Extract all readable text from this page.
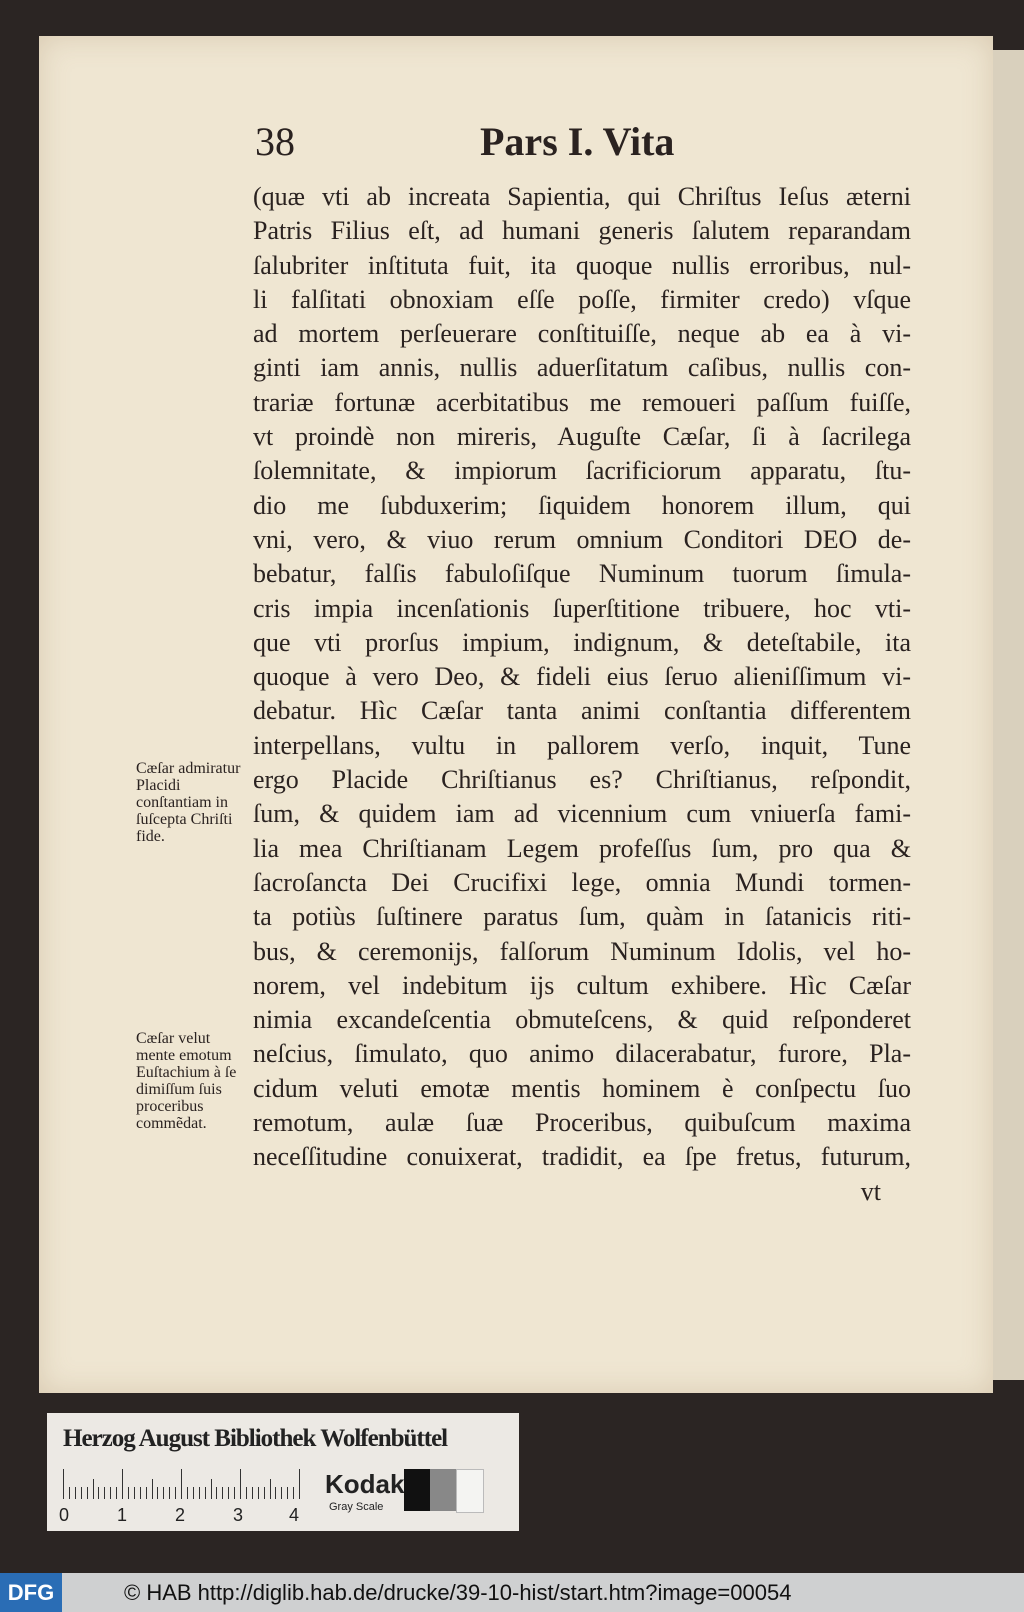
38	Pars I. Vita
(quæ vti ab increata Sapientia, qui Chriſtus Ieſus æterni
Patris Filius eſt, ad humani generis ſalutem reparandam
ſalubriter inſtituta fuit, ita quoque nullis erroribus, nul-
li falſitati obnoxiam eſſe poſſe, firmiter credo) vſque
ad mortem perſeuerare conſtituiſſe, neque ab ea à vi-
ginti iam annis, nullis aduerſitatum caſibus, nullis con-
trariæ fortunæ acerbitatibus me remoueri paſſum fuiſſe,
vt proindè non mireris, Auguſte Cæſar, ſi à ſacrilega
ſolemnitate, & impiorum ſacrificiorum apparatu, ſtu-
dio me ſubduxerim; ſiquidem honorem illum, qui
vni, vero, & viuo rerum omnium Conditori DEO de-
bebatur, falſis fabuloſiſque Numinum tuorum ſimula-
cris impia incenſationis ſuperſtitione tribuere, hoc vti-
que vti prorſus impium, indignum, & deteſtabile, ita
quoque à vero Deo, & fideli eius ſeruo alieniſſimum vi-
debatur. Hìc Cæſar tanta animi conſtantia differentem
interpellans, vultu in pallorem verſo, inquit, Tune
ergo Placide Chriſtianus es? Chriſtianus, reſpondit,
ſum, & quidem iam ad vicennium cum vniuerſa fami-
lia mea Chriſtianam Legem profeſſus ſum, pro qua &
ſacroſancta Dei Crucifixi lege, omnia Mundi tormen-
ta potiùs ſuſtinere paratus ſum, quàm in ſatanicis riti-
bus, & ceremonijs, falſorum Numinum Idolis, vel ho-
norem, vel indebitum ijs cultum exhibere. Hìc Cæſar
nimia excandeſcentia obmuteſcens, & quid reſponderet
neſcius, ſimulato, quo animo dilacerabatur, furore, Pla-
cidum veluti emotæ mentis hominem è conſpectu ſuo
remotum, aulæ ſuæ Proceribus, quibuſcum maxima
neceſſitudine conuixerat, tradidit, ea ſpe fretus, futurum,
vt
Cæſar admiratur Placidi conſtantiam in ſuſcepta Chriſti fide.
Cæſar velut mente emotum Euſtachium à ſe dimiſſum ſuis proceribus commẽdat.
Herzog August Bibliothek Wolfenbüttel
0	1	2	3	4
Kodak
Gray Scale
DFG	© HAB http://diglib.hab.de/drucke/39-10-hist/start.htm?image=00054
